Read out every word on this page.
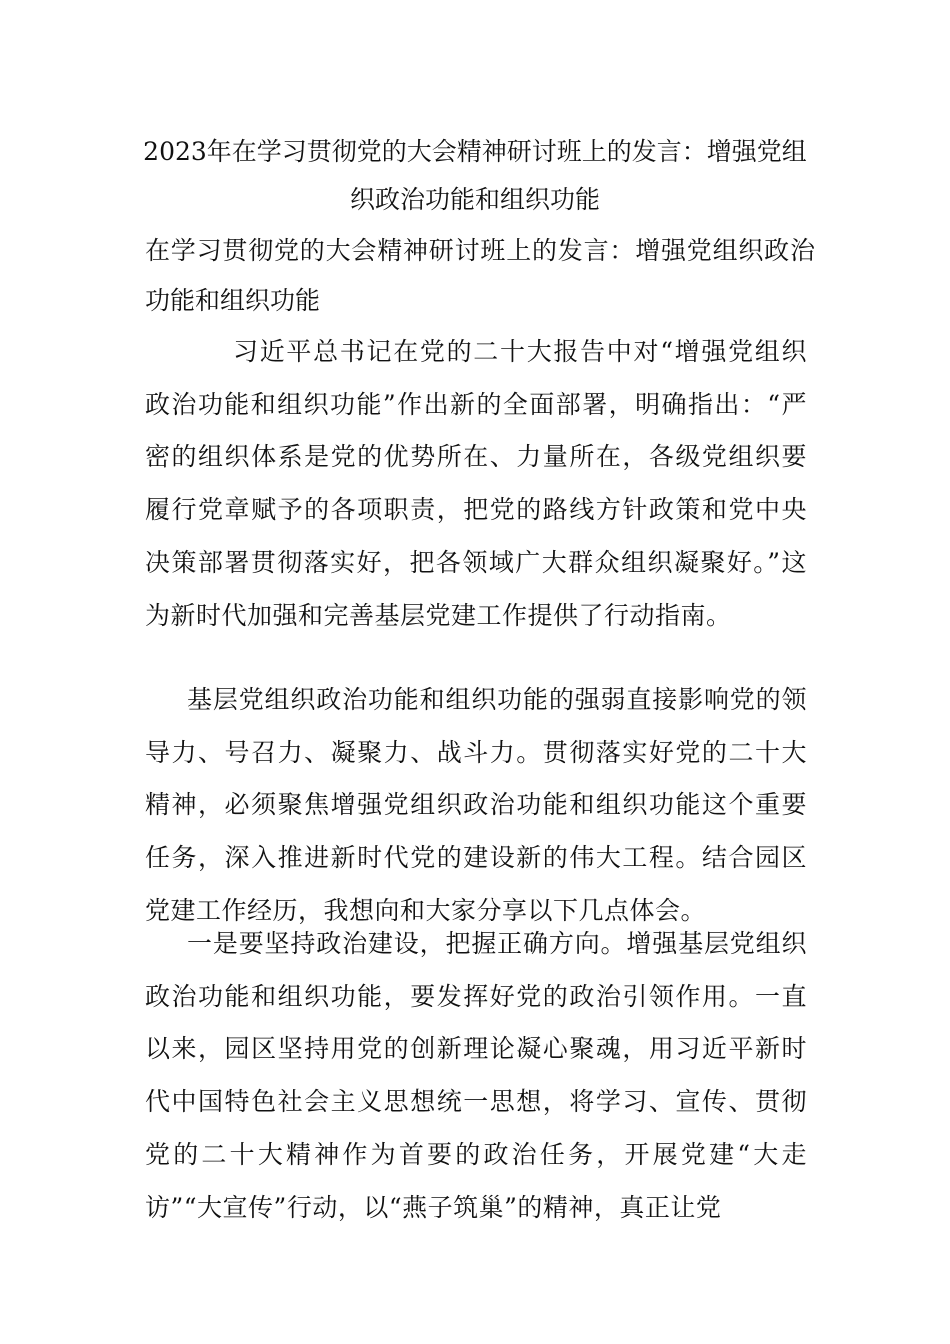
2023年在学习贯彻党的大会精神研讨班上的发言：增强党组织政治功能和组织功能

在学习贯彻党的大会精神研讨班上的发言：增强党组织政治功能和组织功能

习近平总书记在党的二十大报告中对“增强党组织政治功能和组织功能”作出新的全面部署，明确指出：“严密的组织体系是党的优势所在、力量所在，各级党组织要履行党章赋予的各项职责，把党的路线方针政策和党中央决策部署贯彻落实好，把各领域广大群众组织凝聚好。”这为新时代加强和完善基层党建工作提供了行动指南。

基层党组织政治功能和组织功能的强弱直接影响党的领导力、号召力、凝聚力、战斗力。贯彻落实好党的二十大精神，必须聚焦增强党组织政治功能和组织功能这个重要任务，深入推进新时代党的建设新的伟大工程。结合园区党建工作经历，我想向和大家分享以下几点体会。

一是要坚持政治建设，把握正确方向。增强基层党组织政治功能和组织功能，要发挥好党的政治引领作用。一直以来，园区坚持用党的创新理论凝心聚魂，用习近平新时代中国特色社会主义思想统一思想，将学习、宣传、贯彻党的二十大精神作为首要的政治任务，开展党建“大走访”“大宣传”行动，以“燕子筑巢”的精神，真正让党
